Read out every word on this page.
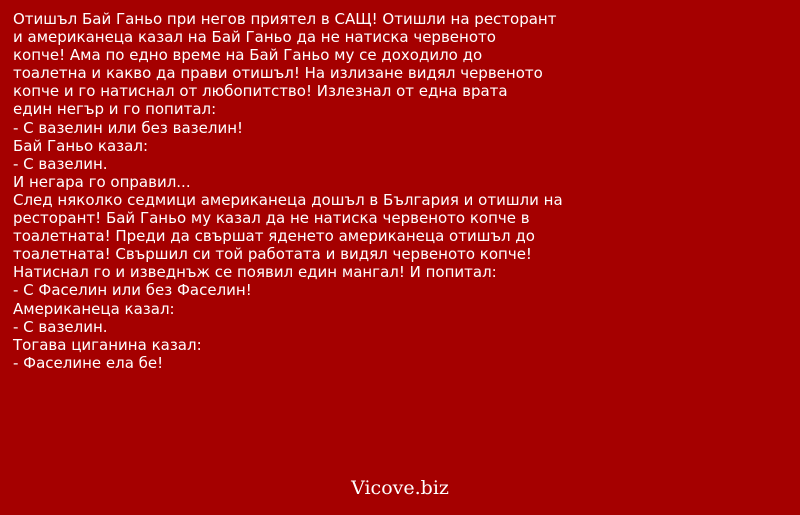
Отишъл Бай Ганьо при негов приятел в САЩ! Отишли на ресторант
и американеца казал на Бай Ганьо да не натиска червеното
копче! Ама по едно време на Бай Ганьо му се доходило до
тоалетна и какво да прави отишъл! На излизане видял червеното
копче и го натиснал от любопитство! Излезнал от една врата
един негър и го попитал:
- С вазелин или без вазелин!
Бай Ганьо казал:
- С вазелин.
И негара го оправил...
След няколко седмици американеца дошъл в България и отишли на
ресторант! Бай Ганьо му казал да не натиска червеното копче в
тоалетната! Преди да свършат яденето американеца отишъл до
тоалетната! Свършил си той работата и видял червеното копче!
Натиснал го и изведнъж се появил един мангал! И попитал:
- С Фаселин или без Фаселин!
Американеца казал:
- С вазелин.
Тогава циганина казал:
- Фаселине ела бе!
Vicove.biz
